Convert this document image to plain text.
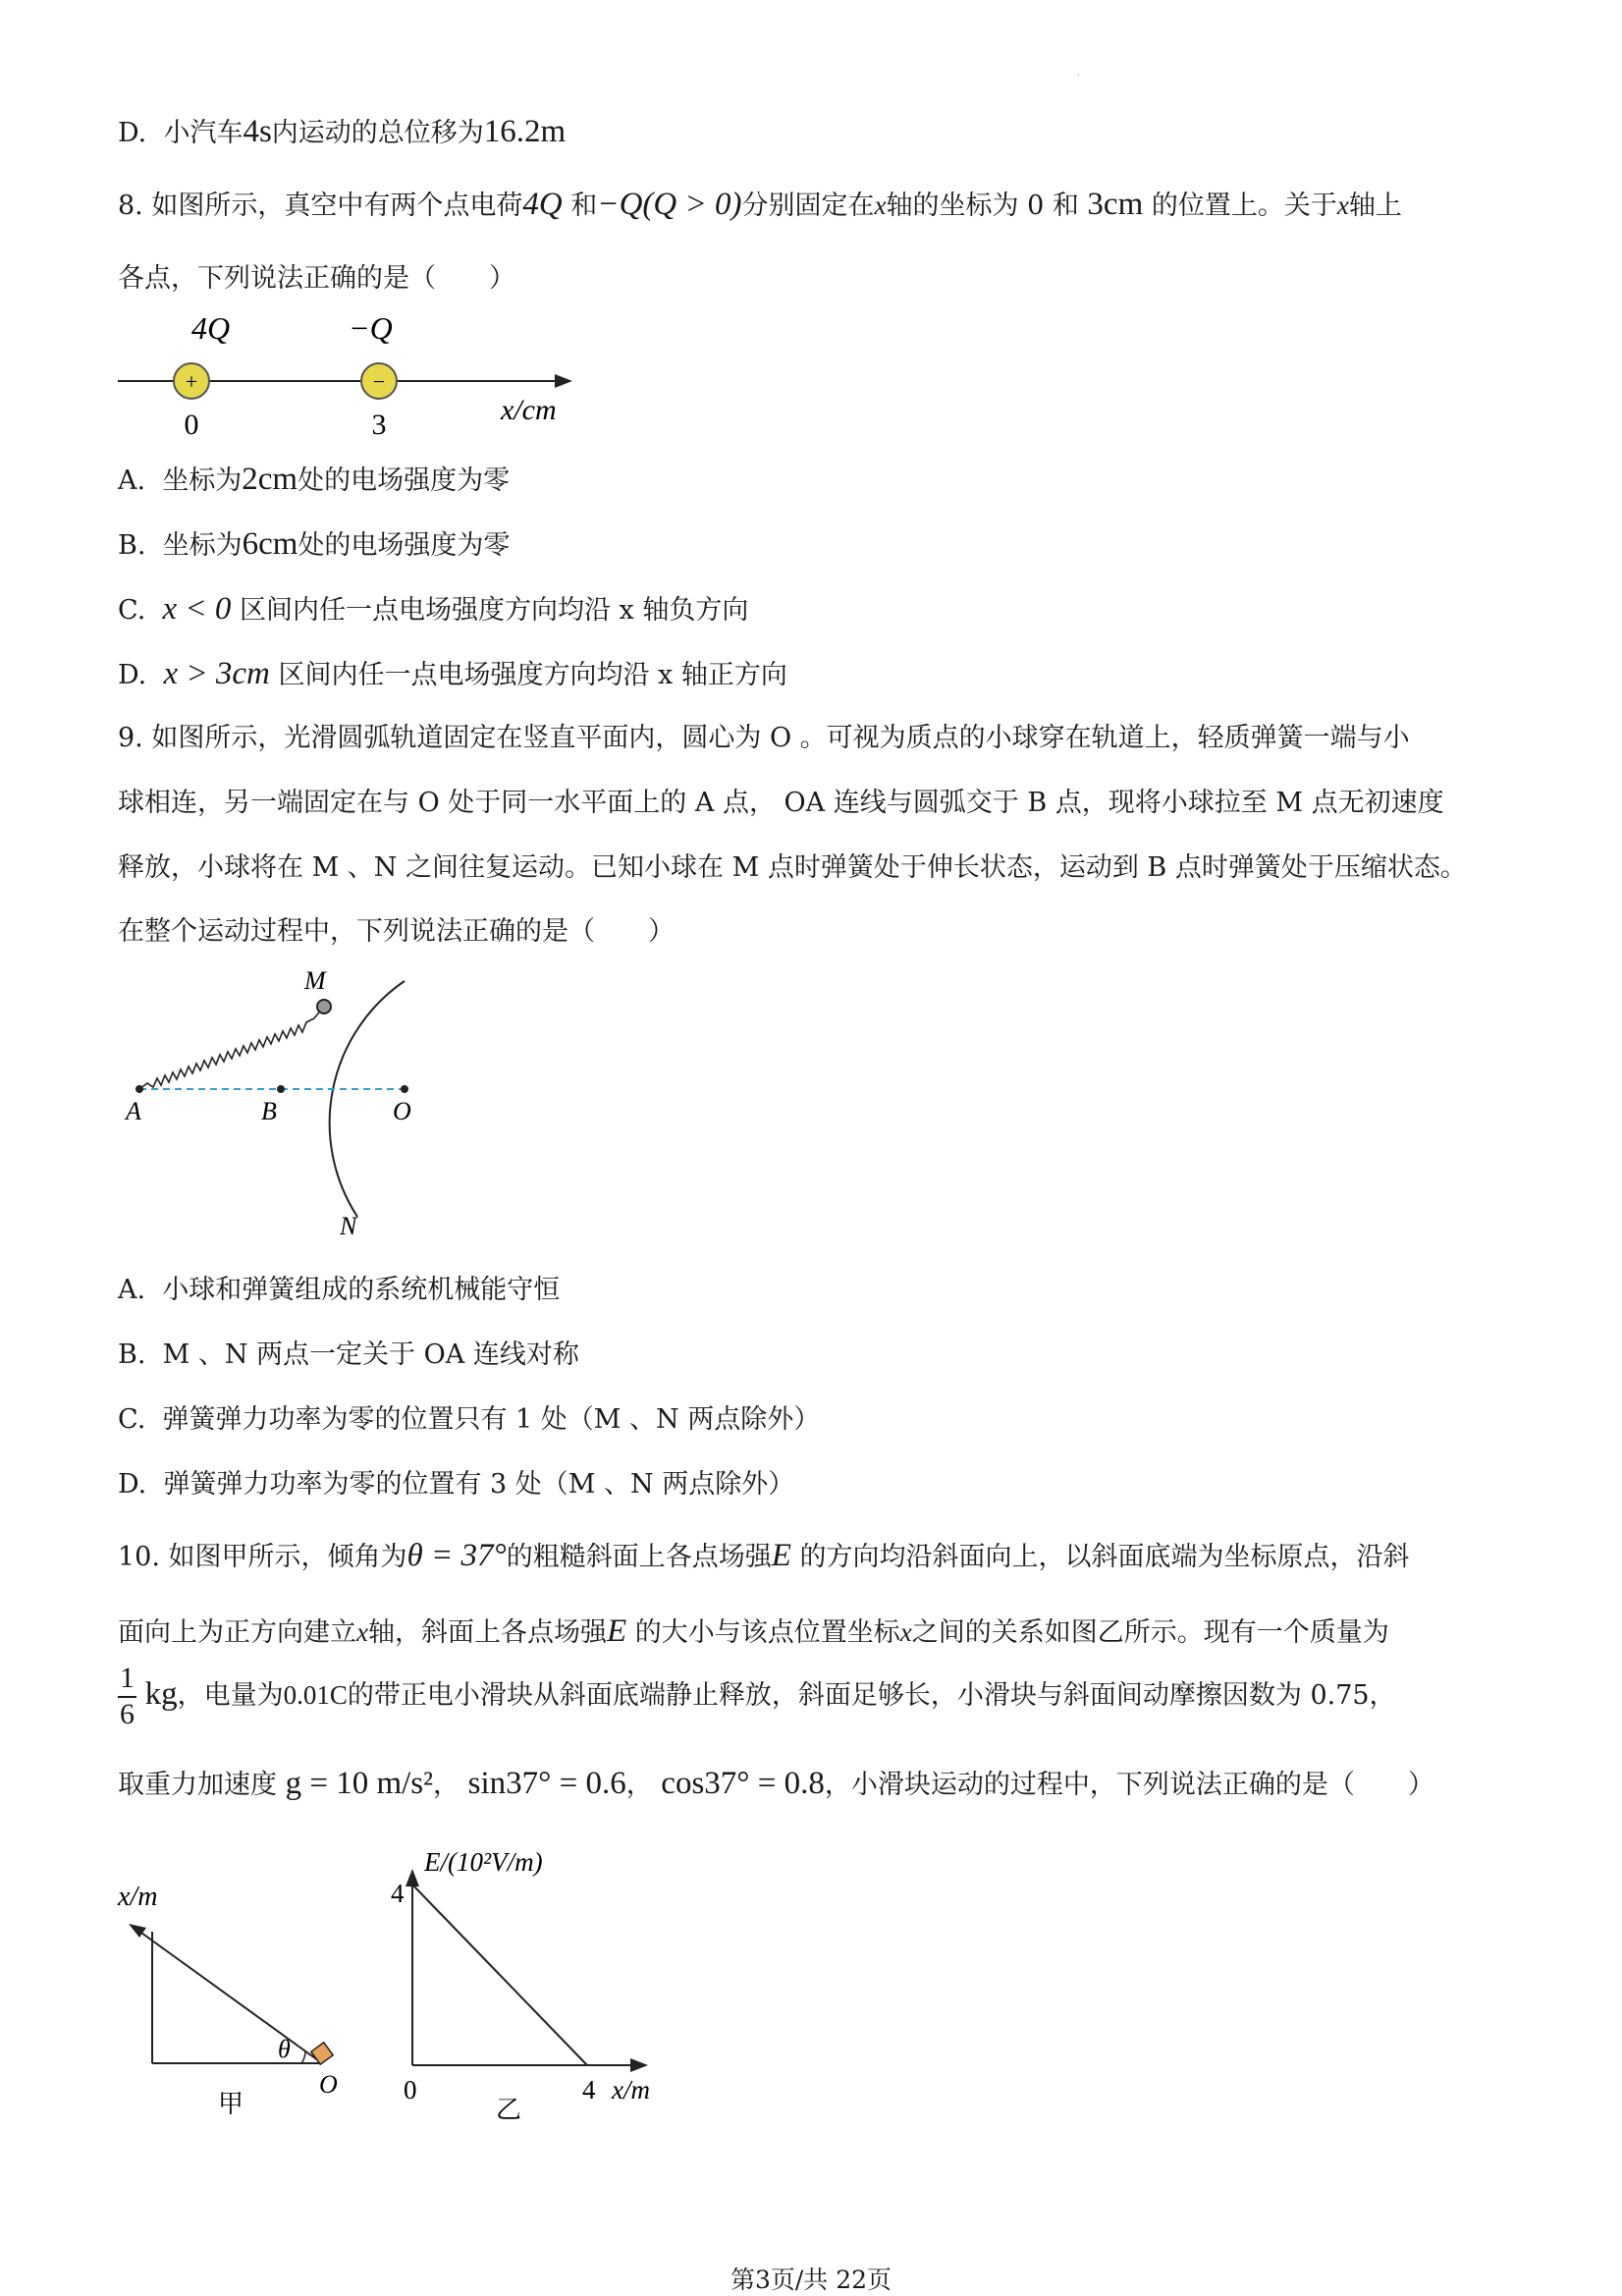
·
D. 小汽车4s内运动的总位移为16.2m
8. 如图所示，真空中有两个点电荷4Q 和−Q(Q > 0)分别固定在x轴的坐标为 0 和 3cm 的位置上。关于x轴上
各点，下列说法正确的是（　　）
4Q	−Q
+	−
0	3	x/cm
A. 坐标为2cm处的电场强度为零
B. 坐标为6cm处的电场强度为零
C. x < 0 区间内任一点电场强度方向均沿 x 轴负方向
D. x > 3cm 区间内任一点电场强度方向均沿 x 轴正方向
9. 如图所示，光滑圆弧轨道固定在竖直平面内，圆心为 O 。可视为质点的小球穿在轨道上，轻质弹簧一端与小
球相连，另一端固定在与 O 处于同一水平面上的 A 点， OA 连线与圆弧交于 B 点，现将小球拉至 M 点无初速度
释放，小球将在 M 、N 之间往复运动。已知小球在 M 点时弹簧处于伸长状态，运动到 B 点时弹簧处于压缩状态。
在整个运动过程中，下列说法正确的是（　　）
M
A	B	O
N
A. 小球和弹簧组成的系统机械能守恒
B. M 、N 两点一定关于 OA 连线对称
C. 弹簧弹力功率为零的位置只有 1 处（M 、N 两点除外）
D. 弹簧弹力功率为零的位置有 3 处（M 、N 两点除外）
10. 如图甲所示，倾角为θ = 37°的粗糙斜面上各点场强E 的方向均沿斜面向上，以斜面底端为坐标原点，沿斜
面向上为正方向建立x轴，斜面上各点场强E 的大小与该点位置坐标x之间的关系如图乙所示。现有一个质量为
$\frac{1}{6}$ kg，电量为0.01C的带正电小滑块从斜面底端静止释放，斜面足够长，小滑块与斜面间动摩擦因数为 0.75，
取重力加速度 g = 10 m/s²， sin37° = 0.6， cos37° = 0.8，小滑块运动的过程中，下列说法正确的是（　　）
x/m
θ
O
甲
E/(10²V/m)
4
4
0	x/m
乙
第3页/共 22页
